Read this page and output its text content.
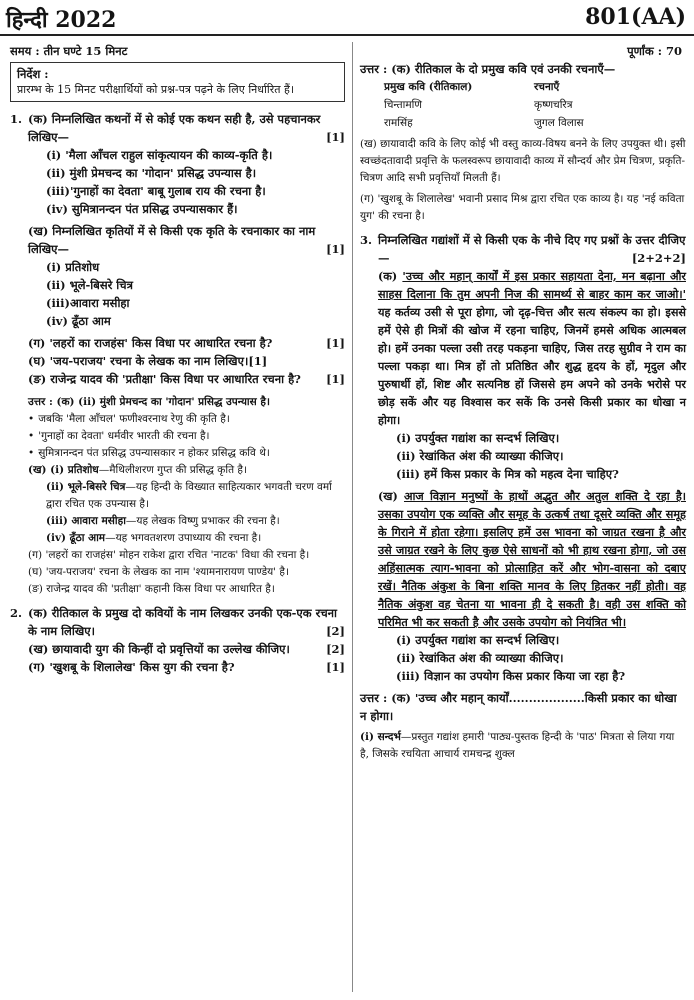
हिन्दी 2022	801(AA)
समय : तीन घण्टे 15 मिनट
निर्देश :
प्रारम्भ के 15 मिनट परीक्षार्थियों को प्रश्न-पत्र पढ़ने के लिए निर्धारित हैं।
1. (क) निम्नलिखित कथनों में से कोई एक कथन सही है, उसे पहचानकर लिखिए—	[1]
(i) 'मैला आँचल राहुल सांकृत्यायन की काव्य-कृति है।
(ii) मुंशी प्रेमचन्द का 'गोदान' प्रसिद्ध उपन्यास है।
(iii)'गुनाहों का देवता' बाबू गुलाब राय की रचना है।
(iv) सुमित्रानन्दन पंत प्रसिद्ध उपन्यासकार हैं।
(ख) निम्नलिखित कृतियों में से किसी एक कृति के रचनाकार का नाम लिखिए—	[1]
(i) प्रतिशोध
(ii) भूले-बिसरे चित्र
(iii)आवारा मसीहा
(iv) ढूँठा आम
(ग) 'लहरों का राजहंस' किस विधा पर आधारित रचना है?	[1]
(घ) 'जय-पराजय' रचना के लेखक का नाम लिखिए।[1]
(ङ) राजेन्द्र यादव की 'प्रतीक्षा' किस विधा पर आधारित रचना है? [1]
उत्तर : (क) (ii) मुंशी प्रेमचन्द का 'गोदान' प्रसिद्ध उपन्यास है।
• जबकि 'मैला आँचल' फणीश्वरनाथ रेणु की कृति है।
• 'गुनाहों का देवता' धर्मवीर भारती की रचना है।
• सुमित्रानन्दन पंत प्रसिद्ध उपन्यासकार न होकर प्रसिद्ध कवि थे।
(ख) (i) प्रतिशोध—मैथिलीशरण गुप्त की प्रसिद्ध कृति है।
(ii) भूले-बिसरे चित्र—यह हिन्दी के विख्यात साहित्यकार भगवती चरण वर्मा द्वारा रचित एक उपन्यास है।
(iii) आवारा मसीहा—यह लेखक विष्णु प्रभाकर की रचना है।
(iv) ढूँठा आम—यह भगवतशरण उपाध्याय की रचना है।
(ग) 'लहरों का राजहंस' मोहन राकेश द्वारा रचित 'नाटक' विधा की रचना है।
(घ) 'जय-पराजय' रचना के लेखक का नाम 'श्यामनारायण पाण्डेय' है।
(ङ) राजेन्द्र यादव की 'प्रतीक्षा' कहानी किस विधा पर आधारित है।
2. (क) रीतिकाल के प्रमुख दो कवियों के नाम लिखकर उनकी एक-एक रचना के नाम लिखिए।	[2]
(ख) छायावादी युग की किन्हीं दो प्रवृत्तियों का उल्लेख कीजिए।	[2]
(ग) 'खुशबू के शिलालेख' किस युग की रचना है?	[1]
पूर्णांक : 70
उत्तर : (क) रीतिकाल के दो प्रमुख कवि एवं उनकी रचनाएँ—
प्रमुख कवि (रीतिकाल)	रचनाएँ
चिन्तामणि	कृष्णचरित्र
रामसिंह	जुगल विलास
(ख) छायावादी कवि के लिए कोई भी वस्तु काव्य-विषय बनने के लिए उपयुक्त थी। इसी स्वच्छंदतावादी प्रवृत्ति के फलस्वरूप छायावादी काव्य में सौन्दर्य और प्रेम चित्रण, प्रकृति-चित्रण आदि सभी प्रवृत्तियाँ मिलती हैं।
(ग) 'खुशबू के शिलालेख' भवानी प्रसाद मिश्र द्वारा रचित एक काव्य है। यह 'नई कविता युग' की रचना है।
3. निम्नलिखित गद्यांशों में से किसी एक के नीचे दिए गए प्रश्नों के उत्तर दीजिए—	[2+2+2]
(क) 'उच्च और महान् कार्यों में इस प्रकार सहायता देना, मन बढ़ाना और साहस दिलाना कि तुम अपनी निज की सामर्थ्य से बाहर काम कर जाओ।' यह कर्तव्य उसी से पूरा होगा, जो दृढ़-चित्त और सत्य संकल्प का हो। इससे हमें ऐसे ही मित्रों की खोज में रहना चाहिए, जिनमें हमसे अधिक आत्मबल हो। हमें उनका पल्ला उसी तरह पकड़ना चाहिए, जिस तरह सुग्रीव ने राम का पल्ला पकड़ा था। मित्र हों तो प्रतिष्ठित और शुद्ध हृदय के हों, मृदुल और पुरुषार्थी हों, शिष्ट और सत्यनिष्ठ हों जिससे हम अपने को उनके भरोसे पर छोड़ सकें और यह विश्वास कर सकें कि उनसे किसी प्रकार का धोखा न होगा।
(i) उपर्युक्त गद्यांश का सन्दर्भ लिखिए।
(ii) रेखांकित अंश की व्याख्या कीजिए।
(iii) हमें किस प्रकार के मित्र को महत्व देना चाहिए?
(ख) आज विज्ञान मनुष्यों के हाथों अद्भुत और अतुल शक्ति दे रहा है। उसका उपयोग एक व्यक्ति और समूह के उत्कर्ष तथा दूसरे व्यक्ति और समूह के गिराने में होता रहेगा। इसलिए हमें उस भावना को जाग्रत रखना है और उसे जाग्रत रखने के लिए कुछ ऐसे साधनों को भी हाथ रखना होगा, जो उस अहिंसात्मक त्याग-भावना को प्रोत्साहित करें और भोग-वासना को दबाए रखें। नैतिक अंकुश के बिना शक्ति मानव के लिए हितकर नहीं होती। वह नैतिक अंकुश वह चेतना या भावना ही दे सकती है। वही उस शक्ति को परिमित भी कर सकती है और उसके उपयोग को नियंत्रित भी।
(i) उपर्युक्त गद्यांश का सन्दर्भ लिखिए।
(ii) रेखांकित अंश की व्याख्या कीजिए।
(iii) विज्ञान का उपयोग किस प्रकार किया जा रहा है?
उत्तर : (क) 'उच्च और महान् कार्यों...................किसी प्रकार का धोखा न होगा।
(i) सन्दर्भ—प्रस्तुत गद्यांश हमारी 'पाठ्य-पुस्तक हिन्दी के 'पाठ' मित्रता से लिया गया है, जिसके रचयिता आचार्य रामचन्द्र शुक्ल
